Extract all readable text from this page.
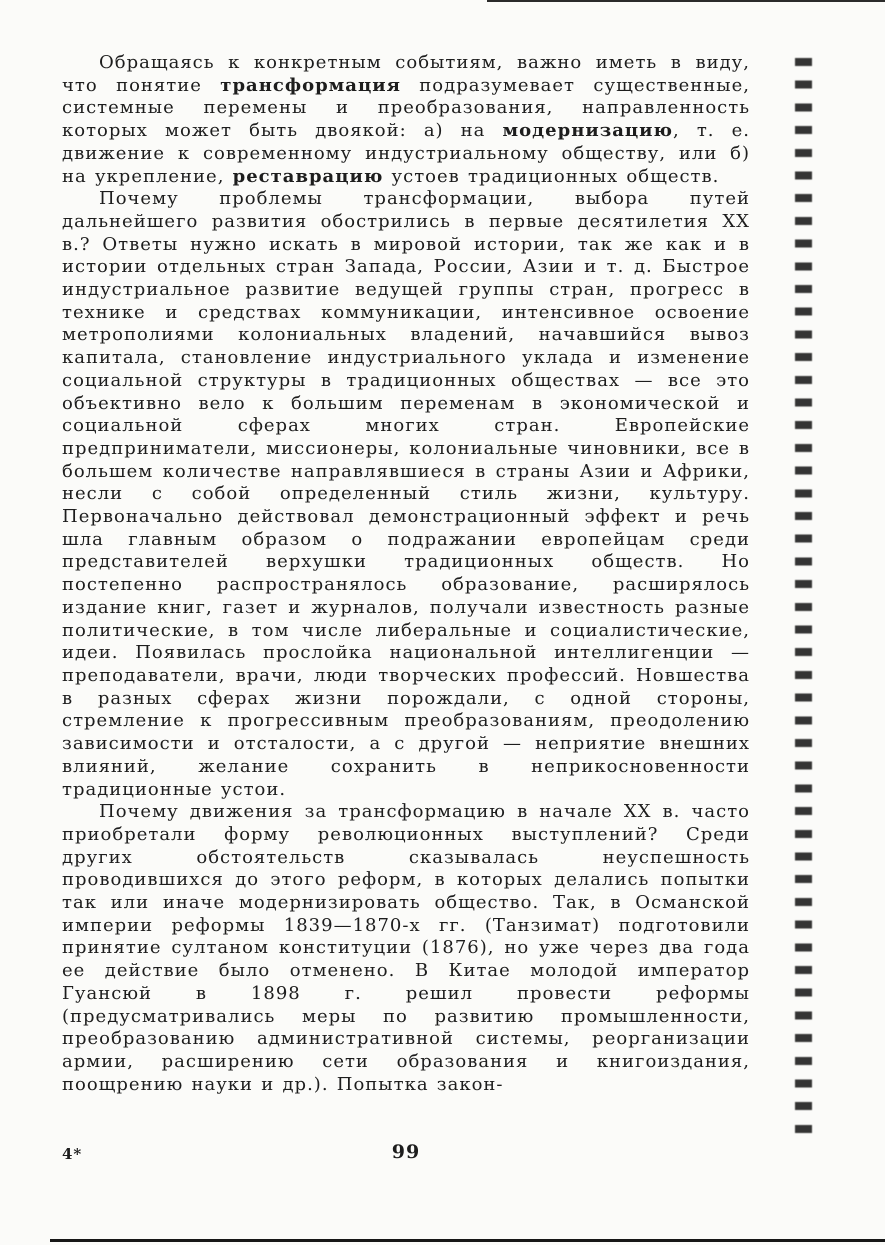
Обращаясь к конкретным событиям, важно иметь в виду, что понятие трансформация подразумевает существенные, системные перемены и преобразования, направленность которых может быть двоякой: а) на модернизацию, т. е. движение к современному индустриальному обществу, или б) на укрепление, реставрацию устоев традиционных обществ.

Почему проблемы трансформации, выбора путей дальнейшего развития обострились в первые десятилетия XX в.? Ответы нужно искать в мировой истории, так же как и в истории отдельных стран Запада, России, Азии и т. д. Быстрое индустриальное развитие ведущей группы стран, прогресс в технике и средствах коммуникации, интенсивное освоение метрополиями колониальных владений, начавшийся вывоз капитала, становление индустриального уклада и изменение социальной структуры в традиционных обществах — все это объективно вело к большим переменам в экономической и социальной сферах многих стран. Европейские предприниматели, миссионеры, колониальные чиновники, все в большем количестве направлявшиеся в страны Азии и Африки, несли с собой определенный стиль жизни, культуру. Первоначально действовал демонстрационный эффект и речь шла главным образом о подражании европейцам среди представителей верхушки традиционных обществ. Но постепенно распространялось образование, расширялось издание книг, газет и журналов, получали известность разные политические, в том числе либеральные и социалистические, идеи. Появилась прослойка национальной интеллигенции — преподаватели, врачи, люди творческих профессий. Новшества в разных сферах жизни порождали, с одной стороны, стремление к прогрессивным преобразованиям, преодолению зависимости и отсталости, а с другой — неприятие внешних влияний, желание сохранить в неприкосновенности традиционные устои.

Почему движения за трансформацию в начале XX в. часто приобретали форму революционных выступлений? Среди других обстоятельств сказывалась неуспешность проводившихся до этого реформ, в которых делались попытки так или иначе модернизировать общество. Так, в Османской империи реформы 1839—1870-х гг. (Танзимат) подготовили принятие султаном конституции (1876), но уже через два года ее действие было отменено. В Китае молодой император Гуансюй в 1898 г. решил провести реформы (предусматривались меры по развитию промышленности, преобразованию административной системы, реорганизации армии, расширению сети образования и книгоиздания, поощрению науки и др.). Попытка закон-

4*	99
